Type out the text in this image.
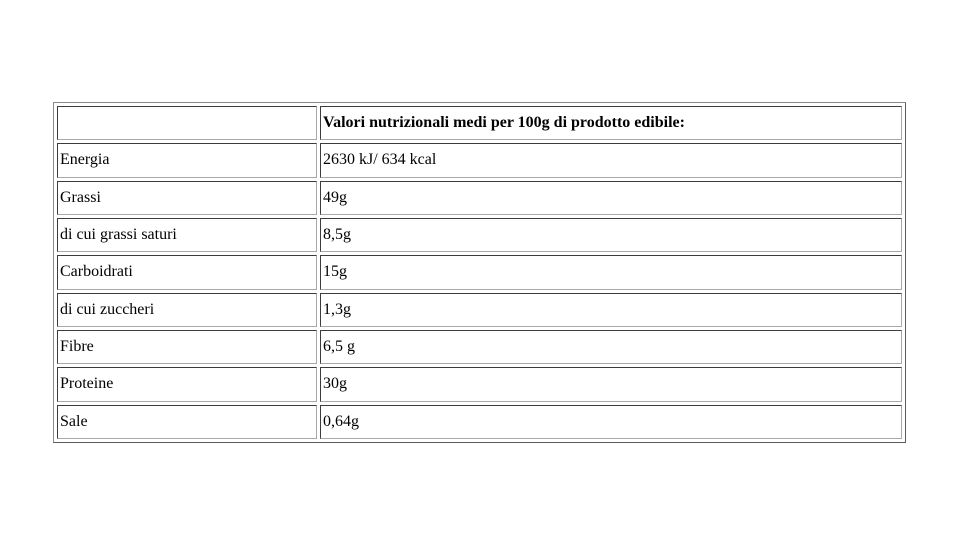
	Valori nutrizionali medi per 100g di prodotto edibile:
Energia	2630 kJ/ 634 kcal
Grassi	49g
di cui grassi saturi	8,5g
Carboidrati	15g
di cui zuccheri	1,3g
Fibre	6,5 g
Proteine	30g
Sale	0,64g
